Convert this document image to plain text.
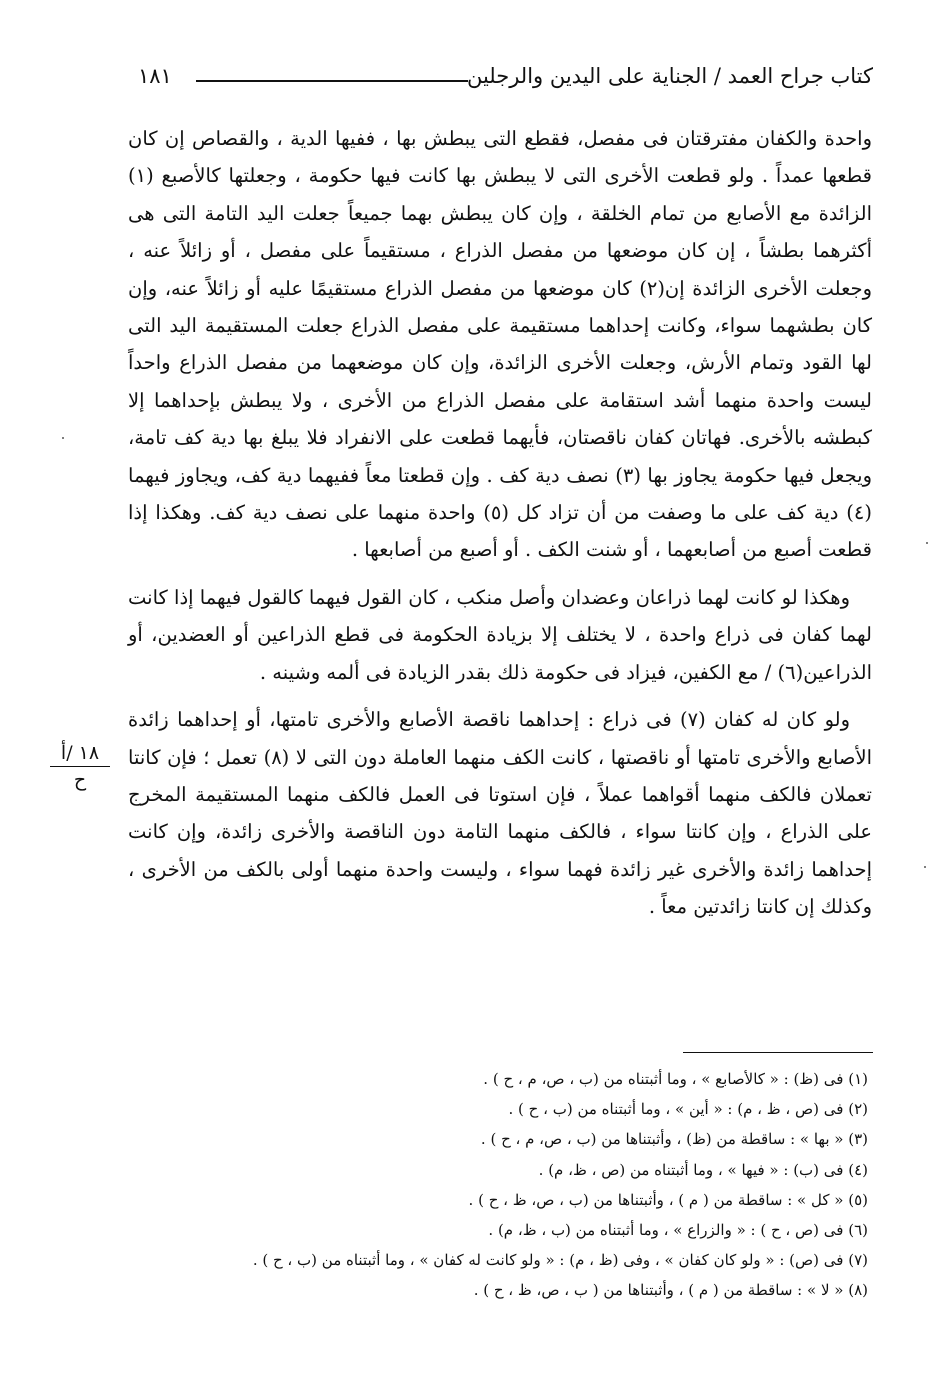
كتاب جراح العمد / الجناية على اليدين والرجلين
١٨١

واحدة والكفان مفترقتان فى مفصل، فقطع التى يبطش بها ، ففيها الدية ، والقصاص إن كان قطعها عمداً . ولو قطعت الأخرى التى لا يبطش بها كانت فيها حكومة ، وجعلتها كالأصبع (١) الزائدة مع الأصابع من تمام الخلقة ، وإن كان يبطش بهما جميعاً جعلت اليد التامة التى هى أكثرهما بطشاً ، إن كان موضعها من مفصل الذراع ، مستقيماً على مفصل ، أو زائلاً عنه ، وجعلت الأخرى الزائدة إن(٢) كان موضعها من مفصل الذراع مستقيمًا عليه أو زائلاً عنه، وإن كان بطشهما سواء، وكانت إحداهما مستقيمة على مفصل الذراع جعلت المستقيمة اليد التى لها القود وتمام الأرش، وجعلت الأخرى الزائدة، وإن كان موضعهما من مفصل الذراع واحداً ليست واحدة منهما أشد استقامة على مفصل الذراع من الأخرى ، ولا يبطش بإحداهما إلا كبطشه بالأخرى. فهاتان كفان ناقصتان، فأيهما قطعت على الانفراد فلا يبلغ بها دية كف تامة، ويجعل فيها حكومة يجاوز بها (٣) نصف دية كف . وإن قطعتا معاً ففيهما دية كف، ويجاوز فيهما (٤) دية كف على ما وصفت من أن تزاد كل (٥) واحدة منهما على نصف دية كف. وهكذا إذا قطعت أصبع من أصابعهما ، أو شنت الكف . أو أصبع من أصابعها .

وهكذا لو كانت لهما ذراعان وعضدان وأصل منكب ، كان القول فيهما كالقول فيهما إذا كانت لهما كفان فى ذراع واحدة ، لا يختلف إلا بزيادة الحكومة فى قطع الذراعين أو العضدين، أو الذراعين(٦) / مع الكفين، فيزاد فى حكومة ذلك بقدر الزيادة فى ألمه وشينه .

ولو كان له كفان (٧) فى ذراع : إحداهما ناقصة الأصابع والأخرى تامتها، أو إحداهما زائدة الأصابع والأخرى تامتها أو ناقصتها ، كانت الكف منهما العاملة دون التى لا (٨) تعمل ؛ فإن كانتا تعملان فالكف منهما أقواهما عملاً ، فإن استوتا فى العمل فالكف منهما المستقيمة المخرج على الذراع ، وإن كانتا سواء ، فالكف منهما التامة دون الناقصة والأخرى زائدة، وإن كانت إحداهما زائدة والأخرى غير زائدة فهما سواء ، وليست واحدة منهما أولى بالكف من الأخرى ، وكذلك إن كانتا زائدتين معاً .

١٨ /أ
ح

(١) فى (ظ) : « كالأصابع » ، وما أثبتناه من (ب ، ص، م ، ح ) .

(٢) فى (ص ، ظ ، م) : « أين » ، وما أثبتناه من (ب ، ح ) .

(٣) « بها » : ساقطة من (ظ) ، وأثبتناها من (ب ، ص، م ، ح ) .

(٤) فى (ب) : « فيها » ، وما أثبتناه من (ص ، ظ، م) .

(٥) « كل » : ساقطة من ( م ) ، وأثبتناها من (ب ، ص، ظ ، ح ) .

(٦) فى (ص ، ح ) : « والزراع » ، وما أثبتناه من (ب ، ظ، م) .

(٧) فى (ص) : « ولو كان كفان » ، وفى (ظ ، م) : « ولو كانت له كفان » ، وما أثبتناه من (ب ، ح ) .

(٨) « لا » : ساقطة من ( م ) ، وأثبتناها من ( ب ، ص، ظ ، ح ) .
